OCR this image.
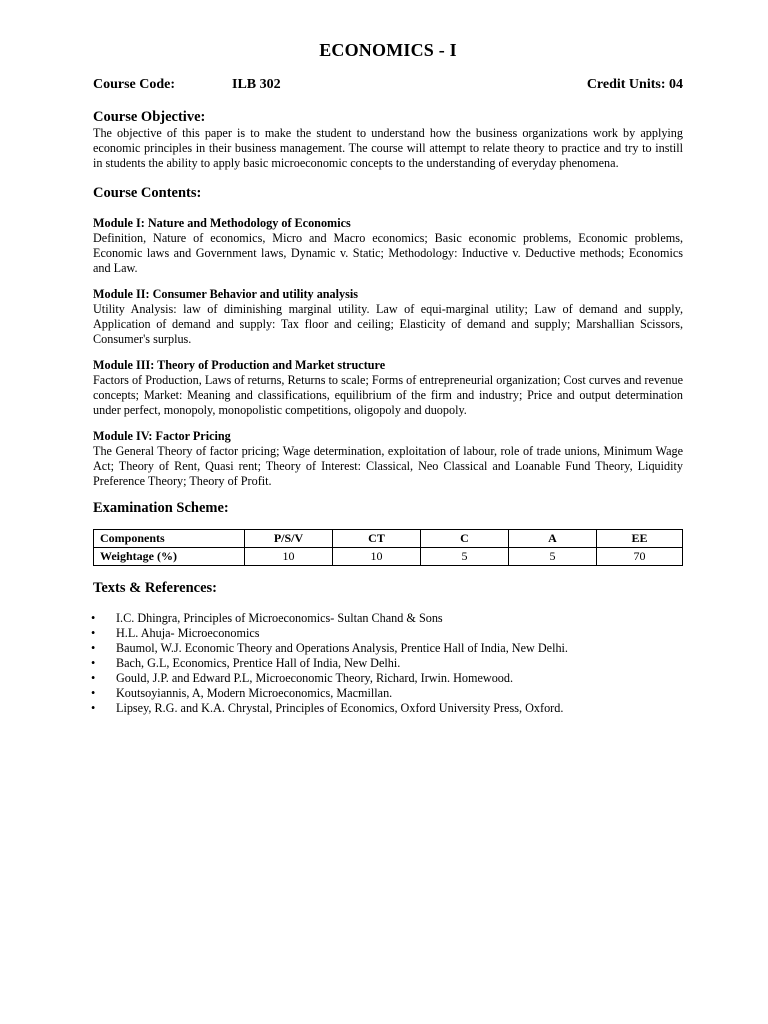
ECONOMICS - I
Course Code:	ILB 302	Credit Units: 04
Course Objective:

The objective of this paper is to make the student to understand how the business organizations work by applying economic principles in their business management. The course will attempt to relate theory to practice and try to instill in students the ability to apply basic microeconomic concepts to the understanding of everyday phenomena.

Course Contents:
Module I: Nature and Methodology of Economics

Definition, Nature of economics, Micro and Macro economics; Basic economic problems, Economic problems, Economic laws and Government laws, Dynamic v. Static; Methodology: Inductive v. Deductive methods; Economics and Law.

Module II: Consumer Behavior and utility analysis

Utility Analysis: law of diminishing marginal utility. Law of equi-marginal utility; Law of demand and supply, Application of demand and supply: Tax floor and ceiling; Elasticity of demand and supply; Marshallian Scissors, Consumer's surplus.

Module III: Theory of Production and Market structure

Factors of Production, Laws of returns, Returns to scale; Forms of entrepreneurial organization; Cost curves and revenue concepts; Market: Meaning and classifications, equilibrium of the firm and industry; Price and output determination under perfect, monopoly, monopolistic competitions, oligopoly and duopoly.

Module IV: Factor Pricing

The General Theory of factor pricing; Wage determination, exploitation of labour, role of trade unions, Minimum Wage Act; Theory of Rent, Quasi rent; Theory of Interest: Classical, Neo Classical and Loanable Fund Theory, Liquidity Preference Theory; Theory of Profit.

Examination Scheme:
Components	P/S/V	CT	C	A	EE
Weightage (%)	10	10	5	5	70
Texts & References:
• I.C. Dhingra, Principles of Microeconomics- Sultan Chand & Sons
• H.L. Ahuja- Microeconomics
• Baumol, W.J. Economic Theory and Operations Analysis, Prentice Hall of India, New Delhi.
• Bach, G.L, Economics, Prentice Hall of India, New Delhi.
• Gould, J.P. and Edward P.L, Microeconomic Theory, Richard, Irwin. Homewood.
• Koutsoyiannis, A, Modern Microeconomics, Macmillan.
• Lipsey, R.G. and K.A. Chrystal, Principles of Economics, Oxford University Press, Oxford.
